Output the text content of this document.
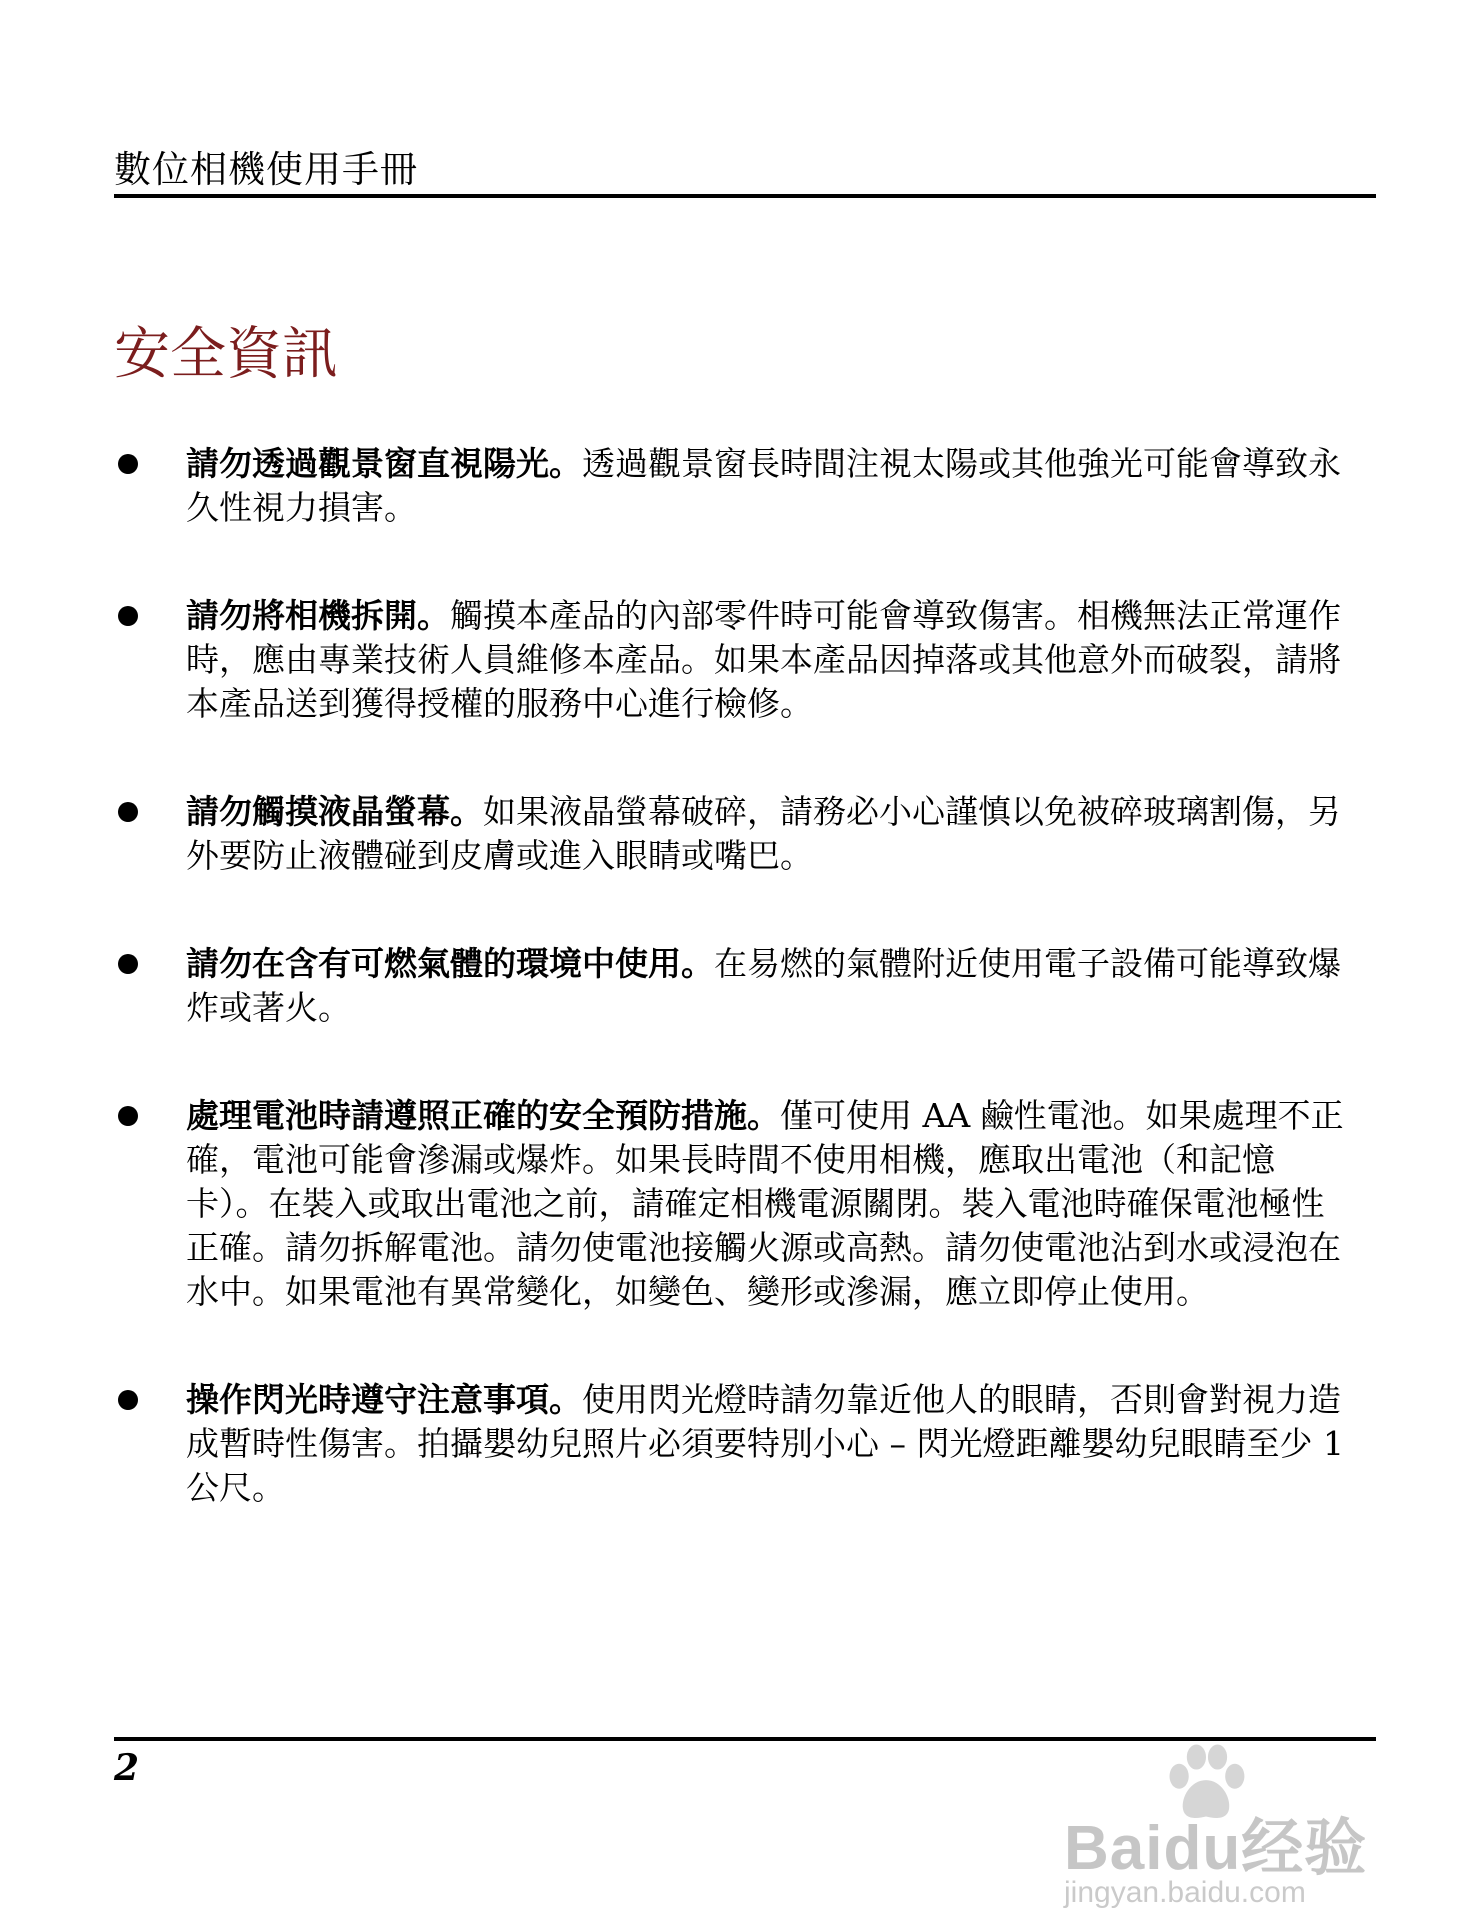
數位相機使用手冊
安全資訊
請勿透過觀景窗直視陽光。透過觀景窗長時間注視太陽或其他強光可能會導致永久性視力損害。
請勿將相機拆開。觸摸本產品的內部零件時可能會導致傷害。相機無法正常運作時，應由專業技術人員維修本產品。如果本產品因掉落或其他意外而破裂，請將本產品送到獲得授權的服務中心進行檢修。
請勿觸摸液晶螢幕。如果液晶螢幕破碎，請務必小心謹慎以免被碎玻璃割傷，另外要防止液體碰到皮膚或進入眼睛或嘴巴。
請勿在含有可燃氣體的環境中使用。在易燃的氣體附近使用電子設備可能導致爆炸或著火。
處理電池時請遵照正確的安全預防措施。僅可使用 AA 鹼性電池。如果處理不正確，電池可能會滲漏或爆炸。如果長時間不使用相機，應取出電池（和記憶卡）。在裝入或取出電池之前，請確定相機電源關閉。裝入電池時確保電池極性正確。請勿拆解電池。請勿使電池接觸火源或高熱。請勿使電池沾到水或浸泡在水中。如果電池有異常變化，如變色、變形或滲漏，應立即停止使用。
操作閃光時遵守注意事項。使用閃光燈時請勿靠近他人的眼睛，否則會對視力造成暫時性傷害。拍攝嬰幼兒照片必須要特別小心 – 閃光燈距離嬰幼兒眼睛至少 1 公尺。
2
Baidu经验
jingyan.baidu.com
